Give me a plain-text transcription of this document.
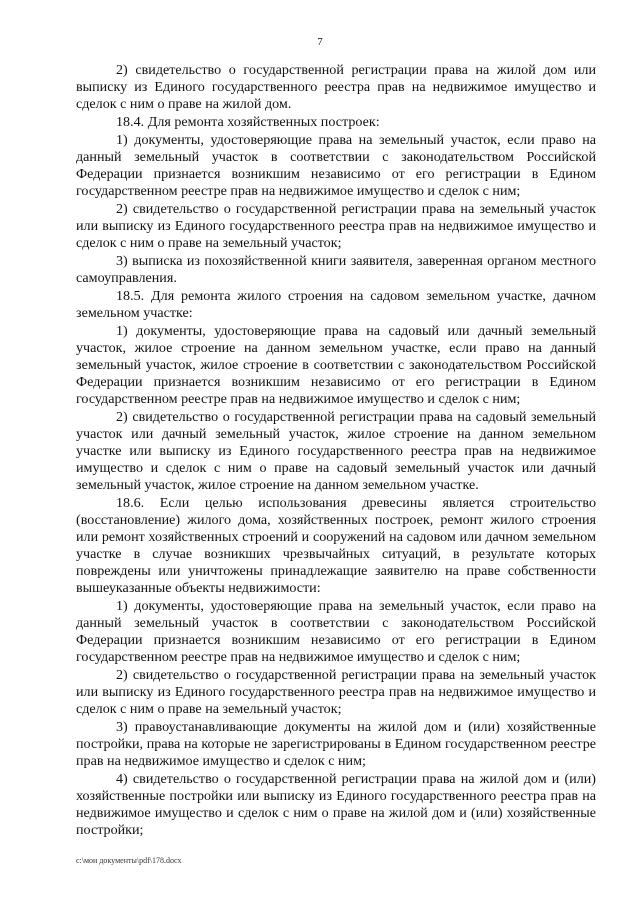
7

2) свидетельство о государственной регистрации права на жилой дом или выписку из Единого государственного реестра прав на недвижимое имущество и сделок с ним о праве на жилой дом.

18.4. Для ремонта хозяйственных построек:

1) документы, удостоверяющие права на земельный участок, если право на данный земельный участок в соответствии с законодательством Российской Федерации признается возникшим независимо от его регистрации в Едином государственном реестре прав на недвижимое имущество и сделок с ним;

2) свидетельство о государственной регистрации права на земельный участок или выписку из Единого государственного реестра прав на недвижимое имущество и сделок с ним о праве на земельный участок;

3) выписка из похозяйственной книги заявителя, заверенная органом местного самоуправления.

18.5. Для ремонта жилого строения на садовом земельном участке, дачном земельном участке:

1) документы, удостоверяющие права на садовый или дачный земельный участок, жилое строение на данном земельном участке, если право на данный земельный участок, жилое строение в соответствии с законодательством Российской Федерации признается возникшим независимо от его регистрации в Едином государственном реестре прав на недвижимое имущество и сделок с ним;

2) свидетельство о государственной регистрации права на садовый земельный участок или дачный земельный участок, жилое строение на данном земельном участке или выписку из Единого государственного реестра прав на недвижимое имущество и сделок с ним о праве на садовый земельный участок или дачный земельный участок, жилое строение на данном земельном участке.

18.6. Если целью использования древесины является строительство (восстановление) жилого дома, хозяйственных построек, ремонт жилого строения или ремонт хозяйственных строений и сооружений на садовом или дачном земельном участке в случае возникших чрезвычайных ситуаций, в результате которых повреждены или уничтожены принадлежащие заявителю на праве собственности вышеуказанные объекты недвижимости:

1) документы, удостоверяющие права на земельный участок, если право на данный земельный участок в соответствии с законодательством Российской Федерации признается возникшим независимо от его регистрации в Едином государственном реестре прав на недвижимое имущество и сделок с ним;

2) свидетельство о государственной регистрации права на земельный участок или выписку из Единого государственного реестра прав на недвижимое имущество и сделок с ним о праве на земельный участок;

3) правоустанавливающие документы на жилой дом и (или) хозяйственные постройки, права на которые не зарегистрированы в Едином государственном реестре прав на недвижимое имущество и сделок с ним;

4) свидетельство о государственной регистрации права на жилой дом и (или) хозяйственные постройки или выписку из Единого государственного реестра прав на недвижимое имущество и сделок с ним о праве на жилой дом и (или) хозяйственные постройки;

c:\мои документы\pdf\178.docx
